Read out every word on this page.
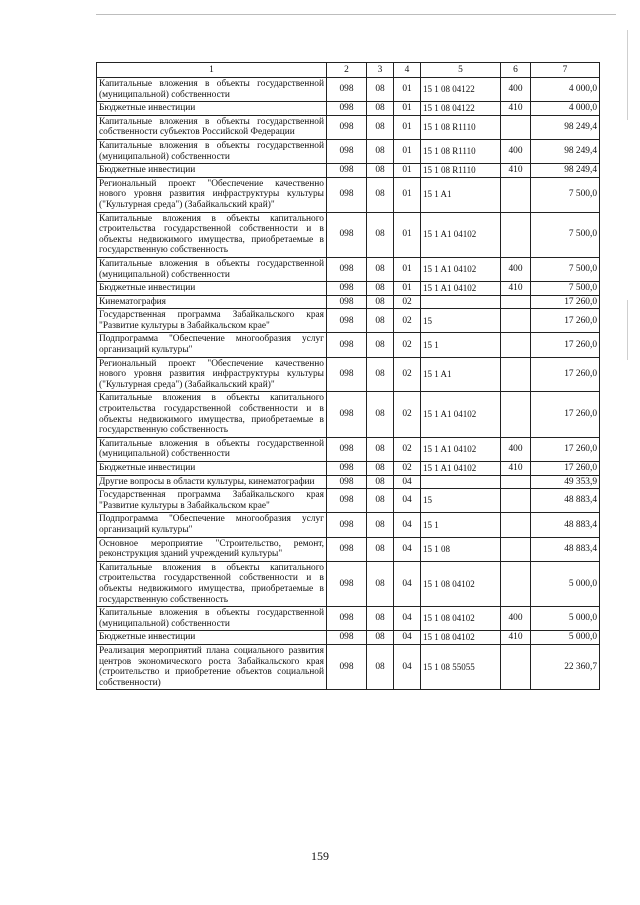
1	2	3	4	5	6	7
Капитальные вложения в объекты государственной (муниципальной) собственности	098	08	01	15 1 08 04122	400	4 000,0
Бюджетные инвестиции	098	08	01	15 1 08 04122	410	4 000,0
Капитальные вложения в объекты государственной собственности субъектов Российской Федерации	098	08	01	15 1 08 R1110		98 249,4
Капитальные вложения в объекты государственной (муниципальной) собственности	098	08	01	15 1 08 R1110	400	98 249,4
Бюджетные инвестиции	098	08	01	15 1 08 R1110	410	98 249,4
Региональный проект "Обеспечение качественно нового уровня развития инфраструктуры культуры ("Культурная среда") (Забайкальский край)"	098	08	01	15 1 A1		7 500,0
Капитальные вложения в объекты капитального строительства государственной собственности и в объекты недвижимого имущества, приобретаемые в государственную собственность	098	08	01	15 1 A1 04102		7 500,0
Капитальные вложения в объекты государственной (муниципальной) собственности	098	08	01	15 1 A1 04102	400	7 500,0
Бюджетные инвестиции	098	08	01	15 1 A1 04102	410	7 500,0
Кинематография	098	08	02			17 260,0
Государственная программа Забайкальского края "Развитие культуры в Забайкальском крае"	098	08	02	15		17 260,0
Подпрограмма "Обеспечение многообразия услуг организаций культуры"	098	08	02	15 1		17 260,0
Региональный проект "Обеспечение качественно нового уровня развития инфраструктуры культуры ("Культурная среда") (Забайкальский край)"	098	08	02	15 1 A1		17 260,0
Капитальные вложения в объекты капитального строительства государственной собственности и в объекты недвижимого имущества, приобретаемые в государственную собственность	098	08	02	15 1 A1 04102		17 260,0
Капитальные вложения в объекты государственной (муниципальной) собственности	098	08	02	15 1 A1 04102	400	17 260,0
Бюджетные инвестиции	098	08	02	15 1 A1 04102	410	17 260,0
Другие вопросы в области культуры, кинематографии	098	08	04			49 353,9
Государственная программа Забайкальского края "Развитие культуры в Забайкальском крае"	098	08	04	15		48 883,4
Подпрограмма "Обеспечение многообразия услуг организаций культуры"	098	08	04	15 1		48 883,4
Основное мероприятие "Строительство, ремонт, реконструкция зданий учреждений культуры"	098	08	04	15 1 08		48 883,4
Капитальные вложения в объекты капитального строительства государственной собственности и в объекты недвижимого имущества, приобретаемые в государственную собственность	098	08	04	15 1 08 04102		5 000,0
Капитальные вложения в объекты государственной (муниципальной) собственности	098	08	04	15 1 08 04102	400	5 000,0
Бюджетные инвестиции	098	08	04	15 1 08 04102	410	5 000,0
Реализация мероприятий плана социального развития центров экономического роста Забайкальского края (строительство и приобретение объектов социальной собственности)	098	08	04	15 1 08 55055		22 360,7
159
